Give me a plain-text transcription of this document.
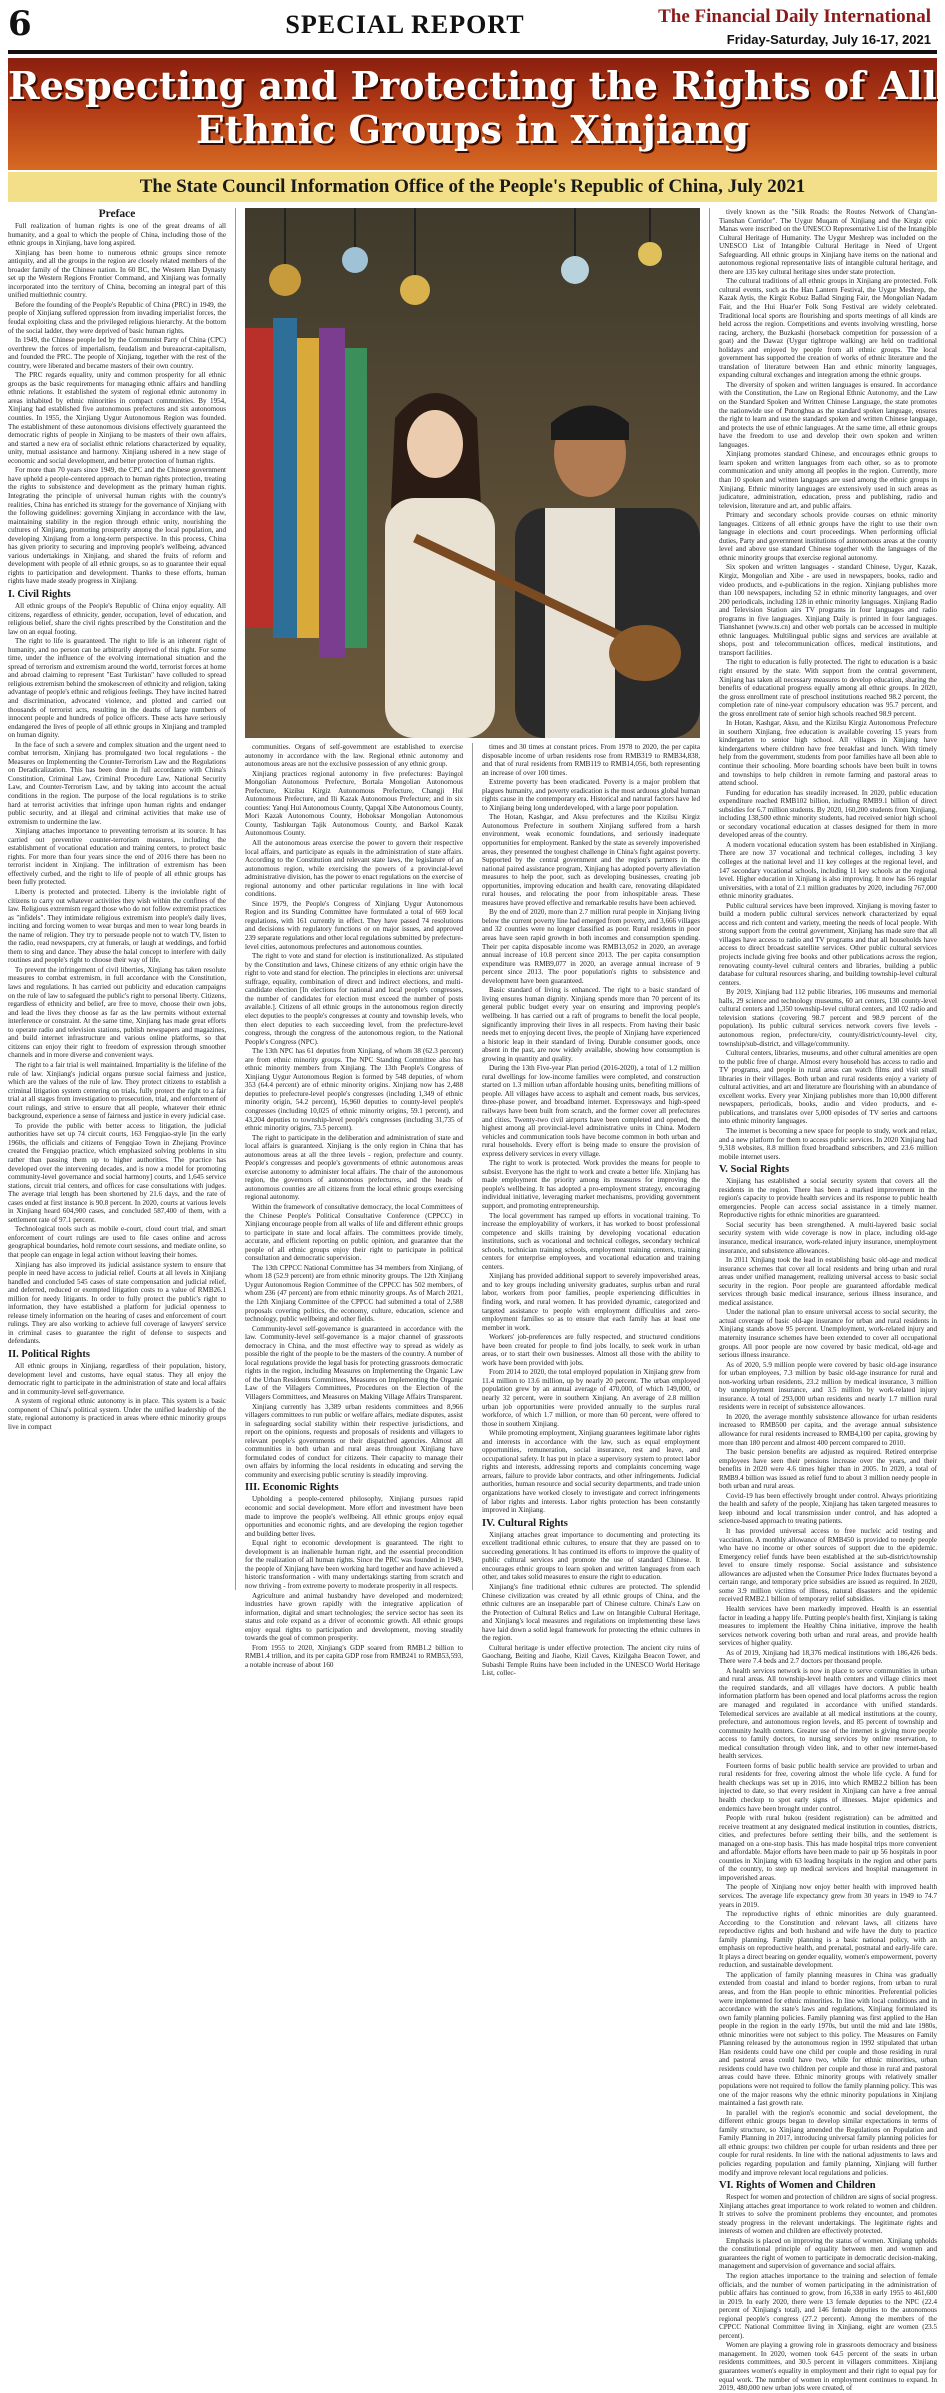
6	SPECIAL REPORT	The Financial Daily International
Friday-Saturday, July 16-17, 2021
Respecting and Protecting the Rights of All
Ethnic Groups in Xinjiang
The State Council Information Office of the People's Republic of China, July 2021
Preface

Full realization of human rights is one of the great dreams of all humanity, and a goal to which the people of China, including those of the ethnic groups in Xinjiang, have long aspired.

Xinjiang has been home to numerous ethnic groups since remote antiquity, and all the groups in the region are closely related members of the broader family of the Chinese nation. In 60 BC, the Western Han Dynasty set up the Western Regions Frontier Command, and Xinjiang was formally incorporated into the territory of China, becoming an integral part of this unified multiethnic country.

Before the founding of the People's Republic of China (PRC) in 1949, the people of Xinjiang suffered oppression from invading imperialist forces, the feudal exploiting class and the privileged religious hierarchy. At the bottom of the social ladder, they were deprived of basic human rights.

In 1949, the Chinese people led by the Communist Party of China (CPC) overthrew the forces of imperialism, feudalism and bureaucrat-capitalism, and founded the PRC. The people of Xinjiang, together with the rest of the country, were liberated and became masters of their own country.

The PRC regards equality, unity and common prosperity for all ethnic groups as the basic requirements for managing ethnic affairs and handling ethnic relations. It established the system of regional ethnic autonomy in areas inhabited by ethnic minorities in compact communities. By 1954, Xinjiang had established five autonomous prefectures and six autonomous counties. In 1955, the Xinjiang Uygur Autonomous Region was founded. The establishment of these autonomous divisions effectively guaranteed the democratic rights of people in Xinjiang to be masters of their own affairs, and started a new era of socialist ethnic relations characterized by equality, unity, mutual assistance and harmony. Xinjiang ushered in a new stage of economic and social development, and better protection of human rights.

For more than 70 years since 1949, the CPC and the Chinese government have upheld a people-centered approach to human rights protection, treating the rights to subsistence and development as the primary human rights. Integrating the principle of universal human rights with the country's realities, China has enriched its strategy for the governance of Xinjiang with the following guidelines: governing Xinjiang in accordance with the law, maintaining stability in the region through ethnic unity, nourishing the cultures of Xinjiang, promoting prosperity among the local population, and developing Xinjiang from a long-term perspective. In this process, China has given priority to securing and improving people's wellbeing, advanced various undertakings in Xinjiang, and shared the fruits of reform and development with people of all ethnic groups, so as to guarantee their equal rights to participation and development. Thanks to these efforts, human rights have made steady progress in Xinjiang.

I. Civil Rights

All ethnic groups of the People's Republic of China enjoy equality. All citizens, regardless of ethnicity, gender, occupation, level of education, and religious belief, share the civil rights prescribed by the Constitution and the law on an equal footing.

The right to life is guaranteed. The right to life is an inherent right of humanity, and no person can be arbitrarily deprived of this right. For some time, under the influence of the evolving international situation and the spread of terrorism and extremism around the world, terrorist forces at home and abroad claiming to represent "East Turkistan" have colluded to spread religious extremism behind the smokescreen of ethnicity and religion, taking advantage of people's ethnic and religious feelings. They have incited hatred and discrimination, advocated violence, and plotted and carried out thousands of terrorist acts, resulting in the deaths of large numbers of innocent people and hundreds of police officers. These acts have seriously endangered the lives of people of all ethnic groups in Xinjiang and trampled on human dignity.

In the face of such a severe and complex situation and the urgent need to combat terrorism, Xinjiang has promulgated two local regulations - the Measures on Implementing the Counter-Terrorism Law and the Regulations on Deradicalization. This has been done in full accordance with China's Constitution, Criminal Law, Criminal Procedure Law, National Security Law, and Counter-Terrorism Law, and by taking into account the actual conditions in the region. The purpose of the local regulations is to strike hard at terrorist activities that infringe upon human rights and endanger public security, and at illegal and criminal activities that make use of extremism to undermine the law.

Xinjiang attaches importance to preventing terrorism at its source. It has carried out preventive counter-terrorism measures, including the establishment of vocational education and training centers, to protect basic rights. For more than four years since the end of 2016 there has been no terrorist incident in Xinjiang. The infiltration of extremism has been effectively curbed, and the right to life of people of all ethnic groups has been fully protected.

Liberty is protected and protected. Liberty is the inviolable right of citizens to carry out whatever activities they wish within the confines of the law. Religious extremism regard those who do not follow extremist practices as "infidels". They intimidate religious extremism into people's daily lives, inciting and forcing women to wear burqas and men to wear long beards in the name of religion. They try to persuade people not to watch TV, listen to the radio, read newspapers, cry at funerals, or laugh at weddings, and forbid them to sing and dance. They abuse the halal concept to interfere with daily routines and people's right to choose their way of life.

To prevent the infringement of civil liberties, Xinjiang has taken resolute measures to combat extremism, in full accordance with the Constitution, laws and regulations. It has carried out publicity and education campaigns on the rule of law to safeguard the public's right to personal liberty. Citizens, regardless of ethnicity and belief, are free to move, choose their own jobs, and lead the lives they choose as far as the law permits without external interference or constraint. At the same time, Xinjiang has made great efforts to operate radio and television stations, publish newspapers and magazines, and build internet infrastructure and various online platforms, so that citizens can enjoy their right to freedom of expression through smoother channels and in more diverse and convenient ways.

The right to a fair trial is well maintained. Impartiality is the lifeline of the rule of law. Xinjiang's judicial organs pursue social fairness and justice, which are the values of the rule of law. They protect citizens to establish a criminal litigation system centering on trials, fully protect the right to a fair trial at all stages from investigation to prosecution, trial, and enforcement of court rulings, and strive to ensure that all people, whatever their ethnic background, experience a sense of fairness and justice in every judicial case.

To provide the public with better access to litigation, the judicial authorities have set up 74 circuit courts, 163 Fengqiao-style [in the early 1960s, the officials and citizens of Fengqiao Town in Zhejiang Province created the Fengqiao practice, which emphasized solving problems in situ rather than passing them up to higher authorities. The practice has developed over the intervening decades, and is now a model for promoting community-level governance and social harmony] courts, and 1,645 service stations, circuit trial centers, and offices for case consultations with judges. The average trial length has been shortened by 21.6 days, and the rate of cases ended at first instance is 90.8 percent. In 2020, courts at various levels in Xinjiang heard 604,900 cases, and concluded 587,400 of them, with a settlement rate of 97.1 percent.

Technological tools such as mobile e-court, cloud court trial, and smart enforcement of court rulings are used to file cases online and across geographical boundaries, hold remote court sessions, and mediate online, so that people can engage in legal action without leaving their homes.

Xinjiang has also improved its judicial assistance system to ensure that people in need have access to judicial relief. Courts at all levels in Xinjiang handled and concluded 545 cases of state compensation and judicial relief, and deferred, reduced or exempted litigation costs to a value of RMB26.1 million for needy litigants. In order to fully protect the public's right to information, they have established a platform for judicial openness to release timely information on the hearing of cases and enforcement of court rulings. They are also working to achieve full coverage of lawyers' service in criminal cases to guarantee the right of defense to suspects and defendants.

II. Political Rights

All ethnic groups in Xinjiang, regardless of their population, history, development level and customs, have equal status. They all enjoy the democratic right to participate in the administration of state and local affairs and in community-level self-governance.

A system of regional ethnic autonomy is in place. This system is a basic component of China's political system. Under the unified leadership of the state, regional autonomy is practiced in areas where ethnic minority groups live in compact

communities. Organs of self-government are established to exercise autonomy in accordance with the law. Regional ethnic autonomy and autonomous areas are not the exclusive possession of any ethnic group.

Xinjiang practices regional autonomy in five prefectures: Bayingol Mongolian Autonomous Prefecture, Bortala Mongolian Autonomous Prefecture, Kizilsu Kirgiz Autonomous Prefecture, Changji Hui Autonomous Prefecture, and Ili Kazak Autonomous Prefecture; and in six counties: Yanqi Hui Autonomous County, Qapqal Xibe Autonomous County, Mori Kazak Autonomous County, Hoboksar Mongolian Autonomous County, Tashkurgan Tajik Autonomous County, and Barkol Kazak Autonomous County.

All the autonomous areas exercise the power to govern their respective local affairs, and participate as equals in the administration of state affairs. According to the Constitution and relevant state laws, the legislature of an autonomous region, while exercising the powers of a provincial-level administrative division, has the power to enact regulations on the exercise of regional autonomy and other particular regulations in line with local conditions.

Since 1979, the People's Congress of Xinjiang Uygur Autonomous Region and its Standing Committee have formulated a total of 669 local regulations, with 161 currently in effect. They have passed 74 resolutions and decisions with regulatory functions or on major issues, and approved 239 separate regulations and other local regulations submitted by prefecture-level cities, autonomous prefectures and autonomous counties.

The right to vote and stand for election is institutionalized. As stipulated by the Constitution and laws, Chinese citizens of any ethnic origin have the right to vote and stand for election. The principles in elections are: universal suffrage, equality, combination of direct and indirect elections, and multi-candidate election [In elections for national and local people's congresses, the number of candidates for election must exceed the number of posts available.]. Citizens of all ethnic groups in the autonomous region directly elect deputies to the people's congresses at county and township levels, who then elect deputies to each succeeding level, from the prefecture-level congress, through the congress of the autonomous region, to the National People's Congress (NPC).

The 13th NPC has 61 deputies from Xinjiang, of whom 38 (62.3 percent) are from ethnic minority groups. The NPC Standing Committee also has ethnic minority members from Xinjiang. The 13th People's Congress of Xinjiang Uygur Autonomous Region is formed by 548 deputies, of whom 353 (64.4 percent) are of ethnic minority origins. Xinjiang now has 2,488 deputies to prefecture-level people's congresses (including 1,349 of ethnic minority origin, 54.2 percent), 16,960 deputies to county-level people's congresses (including 10,025 of ethnic minority origins, 59.1 percent), and 43,204 deputies to township-level people's congresses (including 31,735 of ethnic minority origins, 73.5 percent).

The right to participate in the deliberation and administration of state and local affairs is guaranteed. Xinjiang is the only region in China that has autonomous areas at all the three levels - region, prefecture and county. People's congresses and people's governments of ethnic autonomous areas exercise autonomy to administer local affairs. The chair of the autonomous region, the governors of autonomous prefectures, and the heads of autonomous counties are all citizens from the local ethnic groups exercising regional autonomy.

Within the framework of consultative democracy, the local Committees of the Chinese People's Political Consultative Conference (CPPCC) in Xinjiang encourage people from all walks of life and different ethnic groups to participate in state and local affairs. The committees provide timely, accurate, and efficient reporting on public opinion, and guarantee that the people of all ethnic groups enjoy their right to participate in political consultation and democratic supervision.

The 13th CPPCC National Committee has 34 members from Xinjiang, of whom 18 (52.9 percent) are from ethnic minority groups. The 12th Xinjiang Uygur Autonomous Region Committee of the CPPCC has 502 members, of whom 236 (47 percent) are from ethnic minority groups. As of March 2021, the 12th Xinjiang Committee of the CPPCC had submitted a total of 2,588 proposals covering politics, the economy, culture, education, science and technology, public wellbeing and other fields.

Community-level self-governance is guaranteed in accordance with the law. Community-level self-governance is a major channel of grassroots democracy in China, and the most effective way to spread as widely as possible the right of the people to be the masters of the country. A number of local regulations provide the legal basis for protecting grassroots democratic rights in the region, including Measures on Implementing the Organic Law of the Urban Residents Committees, Measures on Implementing the Organic Law of the Villagers Committees, Procedures on the Election of the Villagers Committees, and Measures on Making Village Affairs Transparent.

Xinjiang currently has 3,389 urban residents committees and 8,966 villagers committees to run public or welfare affairs, mediate disputes, assist in safeguarding social stability within their respective jurisdictions, and report on the opinions, requests and proposals of residents and villagers to relevant people's governments or their dispatched agencies. Almost all communities in both urban and rural areas throughout Xinjiang have formulated codes of conduct for citizens. Their capacity to manage their own affairs by informing the local residents in educating and serving the community and exercising public scrutiny is steadily improving.

III. Economic Rights

Upholding a people-centered philosophy, Xinjiang pursues rapid economic and social development. More effort and investment have been made to improve the people's wellbeing. All ethnic groups enjoy equal opportunities and economic rights, and are developing the region together and building better lives.

Equal right to economic development is guaranteed. The right to development is an inalienable human right, and the essential precondition for the realization of all human rights. Since the PRC was founded in 1949, the people of Xinjiang have been working hard together and have achieved a historic transformation - with many undertakings starting from scratch and now thriving - from extreme poverty to moderate prosperity in all respects.

Agriculture and animal husbandry have developed and modernized; industries have grown rapidly with the integrative application of information, digital and smart technologies; the service sector has seen its status and role expand as a driver of economic growth. All ethnic groups enjoy equal rights to participation and development, moving steadily towards the goal of common prosperity.

From 1955 to 2020, Xinjiang's GDP soared from RMB1.2 billion to RMB1.4 trillion, and its per capita GDP rose from RMB241 to RMB53,593, a notable increase of about 160

times and 30 times at constant prices. From 1978 to 2020, the per capita disposable income of urban residents rose from RMB319 to RMB34,838, and that of rural residents from RMB119 to RMB14,056, both representing an increase of over 100 times.

Extreme poverty has been eradicated. Poverty is a major problem that plagues humanity, and poverty eradication is the most arduous global human rights cause in the contemporary era. Historical and natural factors have led to Xinjiang being long underdeveloped, with a large poor population.

The Hotan, Kashgar, and Aksu prefectures and the Kizilsu Kirgiz Autonomous Prefecture in southern Xinjiang suffered from a harsh environment, weak economic foundations, and seriously inadequate opportunities for employment. Ranked by the state as severely impoverished areas, they presented the toughest challenge in China's fight against poverty. Supported by the central government and the region's partners in the national paired assistance program, Xinjiang has adopted poverty alleviation measures to help the poor, such as developing businesses, creating job opportunities, improving education and health care, renovating dilapidated rural houses, and relocating the poor from inhospitable areas. These measures have proved effective and remarkable results have been achieved.

By the end of 2020, more than 2.7 million rural people in Xinjiang living below the current poverty line had emerged from poverty, and 3,666 villages and 32 counties were no longer classified as poor. Rural residents in poor areas have seen rapid growth in both incomes and consumption spending. Their per capita disposable income was RMB13,052 in 2020, an average annual increase of 10.8 percent since 2013. The per capita consumption expenditure was RMB9,077 in 2020, an average annual increase of 9 percent since 2013. The poor population's rights to subsistence and development have been guaranteed.

Basic standard of living is enhanced. The right to a basic standard of living ensures human dignity. Xinjiang spends more than 70 percent of its general public budget every year on ensuring and improving people's wellbeing. It has carried out a raft of programs to benefit the local people, significantly improving their lives in all respects. From having their basic needs met to enjoying decent lives, the people of Xinjiang have experienced a historic leap in their standard of living. Durable consumer goods, once absent in the past, are now widely available, showing how consumption is growing in quantity and quality.

During the 13th Five-year Plan period (2016-2020), a total of 1.2 million rural dwellings for low-income families were completed, and construction started on 1.3 million urban affordable housing units, benefiting millions of people. All villages have access to asphalt and cement roads, bus services, three-phase power, and broadband internet. Expressways and high-speed railways have been built from scratch, and the former cover all prefectures and cities. Twenty-two civil airports have been completed and opened, the highest among all provincial-level administrative units in China. Modern vehicles and communication tools have become common in both urban and rural households. Every effort is being made to ensure the provision of express delivery services in every village.

The right to work is protected. Work provides the means for people to subsist. Everyone has the right to work and create a better life. Xinjiang has made employment the priority among its measures for improving the people's wellbeing. It has adopted a pro-employment strategy, encouraging individual initiative, leveraging market mechanisms, providing government support, and promoting entrepreneurship.

The local government has ramped up efforts in vocational training. To increase the employability of workers, it has worked to boost professional competence and skills training by developing vocational education institutions, such as vocational and technical colleges, secondary technical schools, technician training schools, employment training centers, training centers for enterprise employees, and vocational education and training centers.

Xinjiang has provided additional support to severely impoverished areas, and to key groups including university graduates, surplus urban and rural labor, workers from poor families, people experiencing difficulties in finding work, and rural women. It has provided dynamic, categorized and targeted assistance to people with employment difficulties and zero-employment families so as to ensure that each family has at least one member in work.

Workers' job-preferences are fully respected, and structured conditions have been created for people to find jobs locally, to seek work in urban areas, or to start their own businesses. Almost all those with the ability to work have been provided with jobs.

From 2014 to 2020, the total employed population in Xinjiang grew from 11.4 million to 13.6 million, up by nearly 20 percent. The urban employed population grew by an annual average of 470,000, of which 149,000, or nearly 32 percent, were in southern Xinjiang. An average of 2.8 million urban job opportunities were provided annually to the surplus rural workforce, of which 1.7 million, or more than 60 percent, were offered to those in southern Xinjiang.

While promoting employment, Xinjiang guarantees legitimate labor rights and interests in accordance with the law, such as equal employment opportunities, remuneration, social insurance, rest and leave, and occupational safety. It has put in place a supervisory system to protect labor rights and interests, addressing reports and complaints concerning wage arrears, failure to provide labor contracts, and other infringements. Judicial authorities, human resource and social security departments, and trade union organizations have worked closely to investigate and correct infringements of labor rights and interests. Labor rights protection has been constantly improved in Xinjiang.

IV. Cultural Rights

Xinjiang attaches great importance to documenting and protecting its excellent traditional ethnic cultures, to ensure that they are passed on to succeeding generations. It has continued its efforts to improve the quality of public cultural services and promote the use of standard Chinese. It encourages ethnic groups to learn spoken and written languages from each other, and takes solid measures to ensure the right to education.

Xinjiang's fine traditional ethnic cultures are protected. The splendid Chinese civilization was created by all ethnic groups of China, and the ethnic cultures are an inseparable part of Chinese culture. China's Law on the Protection of Cultural Relics and Law on Intangible Cultural Heritage, and Xinjiang's local measures and regulations on implementing these laws have laid down a solid legal framework for protecting the ethnic cultures in the region.

Cultural heritage is under effective protection. The ancient city ruins of Gaochang, Beiting and Jiaohe, Kizil Caves, Kizilgaha Beacon Tower, and Subashi Temple Ruins have been included in the UNESCO World Heritage List, collec-

tively known as the "Silk Roads: the Routes Network of Chang'an-Tianshan Corridor". The Uygur Muqam of Xinjiang and the Kirgiz epic Manas were inscribed on the UNESCO Representative List of the Intangible Cultural Heritage of Humanity. The Uygur Meshrep was included on the UNESCO List of Intangible Cultural Heritage in Need of Urgent Safeguarding. All ethnic groups in Xinjiang have items on the national and autonomous regional representative lists of intangible cultural heritage, and there are 135 key cultural heritage sites under state protection.

The cultural traditions of all ethnic groups in Xinjiang are protected. Folk cultural events, such as the Han Lantern Festival, the Uygur Meshrep, the Kazak Aytis, the Kirgiz Kobuz Ballad Singing Fair, the Mongolian Nadam Fair, and the Hui Huar'er Folk Song Festival are widely celebrated. Traditional local sports are flourishing and sports meetings of all kinds are held across the region. Competitions and events involving wrestling, horse racing, archery, the Buzkashi (horseback competition for possession of a goat) and the Dawaz (Uygur tightrope walking) are held on traditional holidays and enjoyed by people from all ethnic groups. The local government has supported the creation of works of ethnic literature and the translation of literature between Han and ethnic minority languages, expanding cultural exchanges and integration among the ethnic groups.

The diversity of spoken and written languages is ensured. In accordance with the Constitution, the Law on Regional Ethnic Autonomy, and the Law on the Standard Spoken and Written Chinese Language, the state promotes the nationwide use of Putonghua as the standard spoken language, ensures the right to learn and use the standard spoken and written Chinese language, and protects the use of ethnic languages. At the same time, all ethnic groups have the freedom to use and develop their own spoken and written languages.

Xinjiang promotes standard Chinese, and encourages ethnic groups to learn spoken and written languages from each other, so as to promote communication and unity among all peoples in the region. Currently, more than 10 spoken and written languages are used among the ethnic groups in Xinjiang. Ethnic minority languages are extensively used in such areas as judicature, administration, education, press and publishing, radio and television, literature and art, and public affairs.

Primary and secondary schools provide courses on ethnic minority languages. Citizens of all ethnic groups have the right to use their own language in elections and court proceedings. When performing official duties, Party and government institutions of autonomous areas at the county level and above use standard Chinese together with the languages of the ethnic minority groups that exercise regional autonomy.

Six spoken and written languages - standard Chinese, Uygur, Kazak, Kirgiz, Mongolian and Xibe - are used in newspapers, books, radio and video products, and e-publications in the region. Xinjiang publishes more than 100 newspapers, including 52 in ethnic minority languages, and over 200 periodicals, including 128 in ethnic minority languages. Xinjiang Radio and Television Station airs TV programs in four languages and radio programs in five languages. Xinjiang Daily is printed in four languages. Tianshannet (www.ts.cn) and other web portals can be accessed in multiple ethnic languages. Multilingual public signs and services are available at shops, post and telecommunication offices, medical institutions, and transport facilities.

The right to education is fully protected. The right to education is a basic right ensured by the state. With support from the central government, Xinjiang has taken all necessary measures to develop education, sharing the benefits of educational progress equally among all ethnic groups. In 2020, the gross enrollment rate of preschool institutions reached 98.2 percent, the completion rate of nine-year compulsory education was 95.7 percent, and the gross enrollment rate of senior high schools reached 98.9 percent.

In Hotan, Kashgar, Aksu, and the Kizilsu Kirgiz Autonomous Prefecture in southern Xinjiang, free education is available covering 15 years from kindergarten to senior high school. All villages in Xinjiang have kindergartens where children have free breakfast and lunch. With timely help from the government, students from poor families have all been able to continue their schooling. More boarding schools have been built in towns and townships to help children in remote farming and pastoral areas to attend school.

Funding for education has steadily increased. In 2020, public education expenditure reached RMB102 billion, including RMB9.1 billion of direct subsidies for 6.7 million students. By 2020, 160,200 students from Xinjiang, including 138,500 ethnic minority students, had received senior high school or secondary vocational education at classes designed for them in more developed areas of the country.

A modern vocational education system has been established in Xinjiang. There are now 37 vocational and technical colleges, including 3 key colleges at the national level and 11 key colleges at the regional level, and 147 secondary vocational schools, including 11 key schools at the regional level. Higher education in Xinjiang is also improving. It now has 56 regular universities, with a total of 2.1 million graduates by 2020, including 767,000 ethnic minority graduates.

Public cultural services have been improved. Xinjiang is moving faster to build a modern public cultural services network characterized by equal access and rich content and variety, meeting the needs of local people. With strong support from the central government, Xinjiang has made sure that all villages have access to radio and TV programs and that all households have access to direct broadcast satellite services. Other public cultural services projects include giving free books and other publications across the region, renovating county-level cultural centers and libraries, building a public database for cultural resources sharing, and building township-level cultural centers.

By 2019, Xinjiang had 112 public libraries, 106 museums and memorial halls, 29 science and technology museums, 60 art centers, 130 county-level cultural centers and 1,350 township-level cultural centers, and 102 radio and television stations (covering 98.7 percent and 98.9 percent of the population). Its public cultural services network covers five levels - autonomous region, prefecture/city, county/district/county-level city, township/sub-district, and village/community.

Cultural centers, libraries, museums, and other cultural amenities are open to the public free of charge. Almost every household has access to radio and TV programs, and people in rural areas can watch films and visit small libraries in their villages. Both urban and rural residents enjoy a variety of cultural activities, and art and literature are flourishing with an abundance of excellent works. Every year Xinjiang publishes more than 10,000 different newspapers, periodicals, books, audio and video products, and e-publications, and translates over 5,000 episodes of TV series and cartoons into ethnic minority languages.

The internet is becoming a new space for people to study, work and relax, and a new platform for them to access public services. In 2020 Xinjiang had 9,318 websites, 8.8 million fixed broadband subscribers, and 23.6 million mobile internet users.

V. Social Rights

Xinjiang has established a social security system that covers all the residents in the region. There has been a marked improvement in the region's capacity to provide health services and its response to public health emergencies. People can access social assistance in a timely manner. Reproductive rights for ethnic minorities are guaranteed.

Social security has been strengthened. A multi-layered basic social security system with wide coverage is now in place, including old-age insurance, medical insurance, work-related injury insurance, unemployment insurance, and subsistence allowances.

In 2011 Xinjiang took the lead in establishing basic old-age and medical insurance schemes that cover all local residents and bring urban and rural areas under unified management, realizing universal access to basic social security in the region. Poor people are guaranteed affordable medical services through basic medical insurance, serious illness insurance, and medical assistance.

Under the national plan to ensure universal access to social security, the actual coverage of basic old-age insurance for urban and rural residents in Xinjiang stands above 95 percent. Unemployment, work-related injury and maternity insurance schemes have been extended to cover all occupational groups. All poor people are now covered by basic medical, old-age and serious illness insurance.

As of 2020, 5.9 million people were covered by basic old-age insurance for urban employees, 7.3 million by basic old-age insurance for rural and non-working urban residents, 23.2 million by medical insurance, 3 million by unemployment insurance, and 3.5 million by work-related injury insurance. A total of 293,000 urban residents and nearly 1.7 million rural residents were in receipt of subsistence allowances.

In 2020, the average monthly subsistence allowance for urban residents increased to RMB500 per capita, and the average annual subsistence allowance for rural residents increased to RMB4,100 per capita, growing by more than 180 percent and almost 400 percent compared to 2010.

The basic pension benefits are adjusted as required. Retired enterprise employees have seen their pensions increase over the years, and their benefits in 2020 were 4.6 times higher than in 2005. In 2020, a total of RMB9.4 billion was issued as relief fund to about 3 million needy people in both urban and rural areas.

Covid-19 has been effectively brought under control. Always prioritizing the health and safety of the people, Xinjiang has taken targeted measures to keep inbound and local transmission under control, and has adopted a science-based approach to treating patients.

It has provided universal access to free nucleic acid testing and vaccination. A monthly allowance of RMB450 is provided to needy people who have no income or other sources of support due to the epidemic. Emergency relief funds have been established at the sub-district/township level to ensure timely response. Social assistance and subsistence allowances are adjusted when the Consumer Price Index fluctuates beyond a certain range, and temporary price subsidies are issued as required. In 2020, some 3.9 million victims of illness, natural disasters and the epidemic received RMB2.1 billion of temporary relief subsidies.

Health services have been markedly improved. Health is an essential factor in leading a happy life. Putting people's health first, Xinjiang is taking measures to implement the Healthy China initiative, improve the health services network covering both urban and rural areas, and provide health services of higher quality.

As of 2019, Xinjiang had 18,376 medical institutions with 186,426 beds. There were 7.4 beds and 2.7 doctors per thousand people.

A health services network is now in place to serve communities in urban and rural areas. All township-level health centers and village clinics meet the required standards, and all villages have doctors. A public health information platform has been opened and local platforms across the region are managed and regulated in accordance with unified standards. Telemedical services are available at all medical institutions at the county, prefecture, and autonomous region levels, and 85 percent of township and community health centers. Greater use of the internet is giving more people access to family doctors, to nursing services by online reservation, to medical consultation through video link, and to other new internet-based health services.

Fourteen forms of basic public health service are provided to urban and rural residents for free, covering almost the whole life cycle. A fund for health checkups was set up in 2016, into which RMB2.2 billion has been injected to date, so that every resident in Xinjiang can have a free annual health checkup to spot early signs of illnesses. Major epidemics and endemics have been brought under control.

People with rural hukou (resident registration) can be admitted and receive treatment at any designated medical institution in counties, districts, cities, and prefectures before settling their bills, and the settlement is managed on a one-stop basis. This has made hospital trips more convenient and affordable. Major efforts have been made to pair up 56 hospitals in poor counties in Xinjiang with 63 leading hospitals in the region and other parts of the country, to step up medical services and hospital management in impoverished areas.

The people of Xinjiang now enjoy better health with improved health services. The average life expectancy grew from 30 years in 1949 to 74.7 years in 2019.

The reproductive rights of ethnic minorities are duly guaranteed. According to the Constitution and relevant laws, all citizens have reproductive rights and both husband and wife have the duty to practice family planning. Family planning is a basic national policy, with an emphasis on reproductive health, and prenatal, postnatal and early-life care. It plays a direct bearing on gender equality, women's empowerment, poverty reduction, and sustainable development.

The application of family planning measures in China was gradually extended from coastal and inland to border regions, from urban to rural areas, and from the Han people to ethnic minorities. Preferential policies were implemented for ethnic minorities. In line with local conditions and in accordance with the state's laws and regulations, Xinjiang formulated its own family planning policies. Family planning was first applied to the Han people in the region in the early 1970s, but until the mid and late 1980s, ethnic minorities were not subject to this policy. The Measures on Family Planning released by the autonomous region in 1992 stipulated that urban Han residents could have one child per couple and those residing in rural and pastoral areas could have two, while for ethnic minorities, urban residents could have two children per couple and those in rural and pastoral areas could have three. Ethnic minority groups with relatively smaller populations were not required to follow the family planning policy. This was one of the major reasons why the ethnic minority populations in Xinjiang maintained a fast growth rate.

In parallel with the region's economic and social development, the different ethnic groups began to develop similar expectations in terms of family structure, so Xinjiang amended the Regulations on Population and Family Planning in 2017, introducing universal family planning policies for all ethnic groups: two children per couple for urban residents and three per couple for rural residents. In line with the national adjustments to laws and policies regarding population and family planning, Xinjiang will further modify and improve relevant local regulations and policies.

VI. Rights of Women and Children

Respect for women and protection of children are signs of social progress. Xinjiang attaches great importance to work related to women and children. It strives to solve the prominent problems they encounter, and promotes steady progress in the relevant undertakings. The legitimate rights and interests of women and children are effectively protected.

Emphasis is placed on improving the status of women. Xinjiang upholds the constitutional principle of equality between men and women and guarantees the right of women to participate in democratic decision-making, management and supervision of governance and social affairs.

The region attaches importance to the training and selection of female officials, and the number of women participating in the administration of public affairs has continued to grow, from 16,338 in early 1955 to 461,600 in 2019. In early 2020, there were 13 female deputies to the NPC (22.4 percent of Xinjiang's total), and 146 female deputies to the autonomous regional people's congress (27.2 percent). Among the members of the CPPCC National Committee living in Xinjiang, eight are women (23.5 percent).

Women are playing a growing role in grassroots democracy and business management. In 2020, women took 64.5 percent of the seats in urban residents committees, and 30.5 percent in villagers committees. Xinjiang guarantees women's equality in employment and their right to equal pay for equal work. The number of women in employment continues to expand. In 2019, 480,000 new urban jobs were created, of
